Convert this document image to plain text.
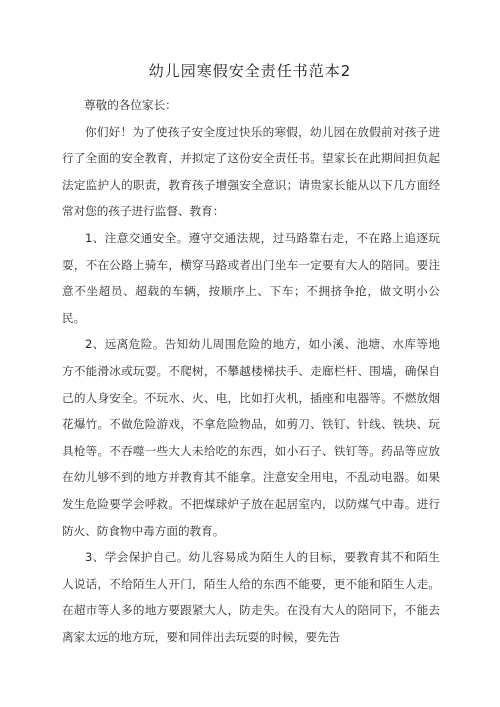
幼儿园寒假安全责任书范本2

尊敬的各位家长：

你们好！为了使孩子安全度过快乐的寒假，幼儿园在放假前对孩子进行了全面的安全教育，并拟定了这份安全责任书。望家长在此期间担负起法定监护人的职责，教育孩子增强安全意识；请贵家长能从以下几方面经常对您的孩子进行监督、教育：

1、注意交通安全。遵守交通法规，过马路靠右走，不在路上追逐玩耍，不在公路上骑车，横穿马路或者出门坐车一定要有大人的陪同。要注意不坐超员、超载的车辆，按顺序上、下车；不拥挤争抢，做文明小公民。

2、远离危险。告知幼儿周围危险的地方，如小溪、池塘、水库等地方不能滑冰或玩耍。不爬树，不攀越楼梯扶手、走廊栏杆、围墙，确保自己的人身安全。不玩水、火、电，比如打火机，插座和电器等。不燃放烟花爆竹。不做危险游戏，不拿危险物品，如剪刀、铁钉、针线、铁块、玩具枪等。不吞噬一些大人未给吃的东西，如小石子、铁钉等。药品等应放在幼儿够不到的地方并教育其不能拿。注意安全用电，不乱动电器。如果发生危险要学会呼救。不把煤球炉子放在起居室内，以防煤气中毒。进行防火、防食物中毒方面的教育。

3、学会保护自己。幼儿容易成为陌生人的目标，要教育其不和陌生人说话，不给陌生人开门，陌生人给的东西不能要，更不能和陌生人走。在超市等人多的地方要跟紧大人，防走失。在没有大人的陪同下，不能去离家太远的地方玩，要和同伴出去玩耍的时候，要先告
